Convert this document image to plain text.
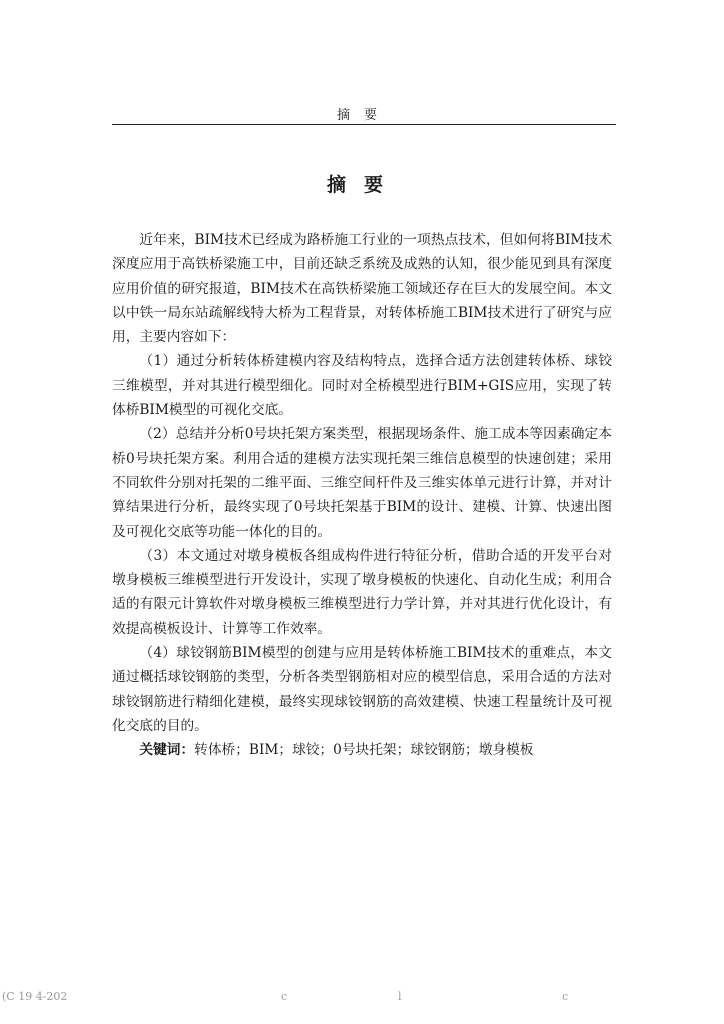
摘要
摘要

近年来，BIM技术已经成为路桥施工行业的一项热点技术，但如何将BIM技术深度应用于高铁桥梁施工中，目前还缺乏系统及成熟的认知，很少能见到具有深度应用价值的研究报道，BIM技术在高铁桥梁施工领域还存在巨大的发展空间。本文以中铁一局东站疏解线特大桥为工程背景，对转体桥施工BIM技术进行了研究与应用，主要内容如下：

（1）通过分析转体桥建模内容及结构特点，选择合适方法创建转体桥、球铰三维模型，并对其进行模型细化。同时对全桥模型进行BIM+GIS应用，实现了转体桥BIM模型的可视化交底。

（2）总结并分析0号块托架方案类型，根据现场条件、施工成本等因素确定本桥0号块托架方案。利用合适的建模方法实现托架三维信息模型的快速创建；采用不同软件分别对托架的二维平面、三维空间杆件及三维实体单元进行计算，并对计算结果进行分析，最终实现了0号块托架基于BIM的设计、建模、计算、快速出图及可视化交底等功能一体化的目的。

（3）本文通过对墩身模板各组成构件进行特征分析，借助合适的开发平台对墩身模板三维模型进行开发设计，实现了墩身模板的快速化、自动化生成；利用合适的有限元计算软件对墩身模板三维模型进行力学计算，并对其进行优化设计，有效提高模板设计、计算等工作效率。

（4）球铰钢筋BIM模型的创建与应用是转体桥施工BIM技术的重难点，本文通过概括球铰钢筋的类型，分析各类型钢筋相对应的模型信息，采用合适的方法对球铰钢筋进行精细化建模，最终实现球铰钢筋的高效建模、快速工程量统计及可视化交底的目的。

关键词：转体桥；BIM；球铰；0号块托架；球铰钢筋；墩身模板

(C 19 4-202	c	l	c
